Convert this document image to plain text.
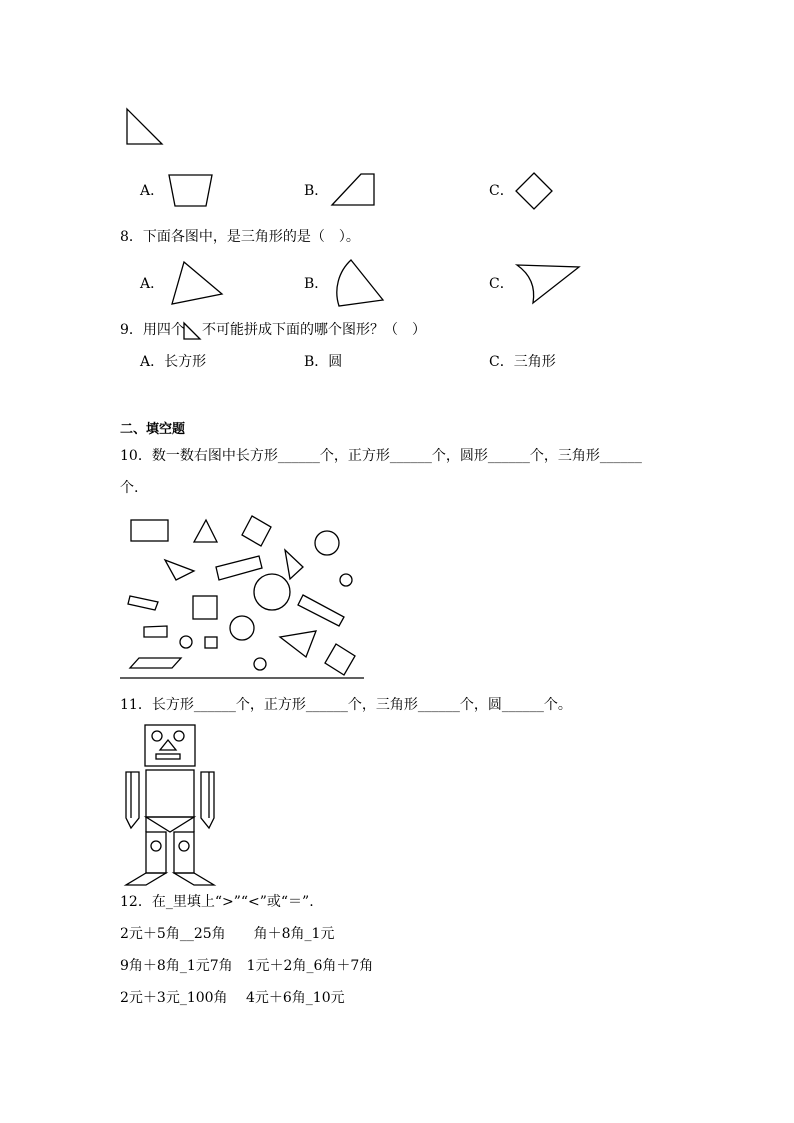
A．	B．	C．
8．下面各图中，是三角形的是（　）。
A．	B．	C．
9．用四个 不可能拼成下面的哪个图形？（　）
A．长方形	B．圆	C．三角形
二、填空题
10．数一数右图中长方形______个，正方形______个，圆形______个，三角形______
个.
11．长方形______个，正方形______个，三角形______个，圆______个。
12．在_里填上“>”“<”或“＝”.
2元＋5角__25角　　角＋8角_1元
9角＋8角_1元7角　1元＋2角_6角＋7角
2元＋3元_100角　 4元＋6角_10元
